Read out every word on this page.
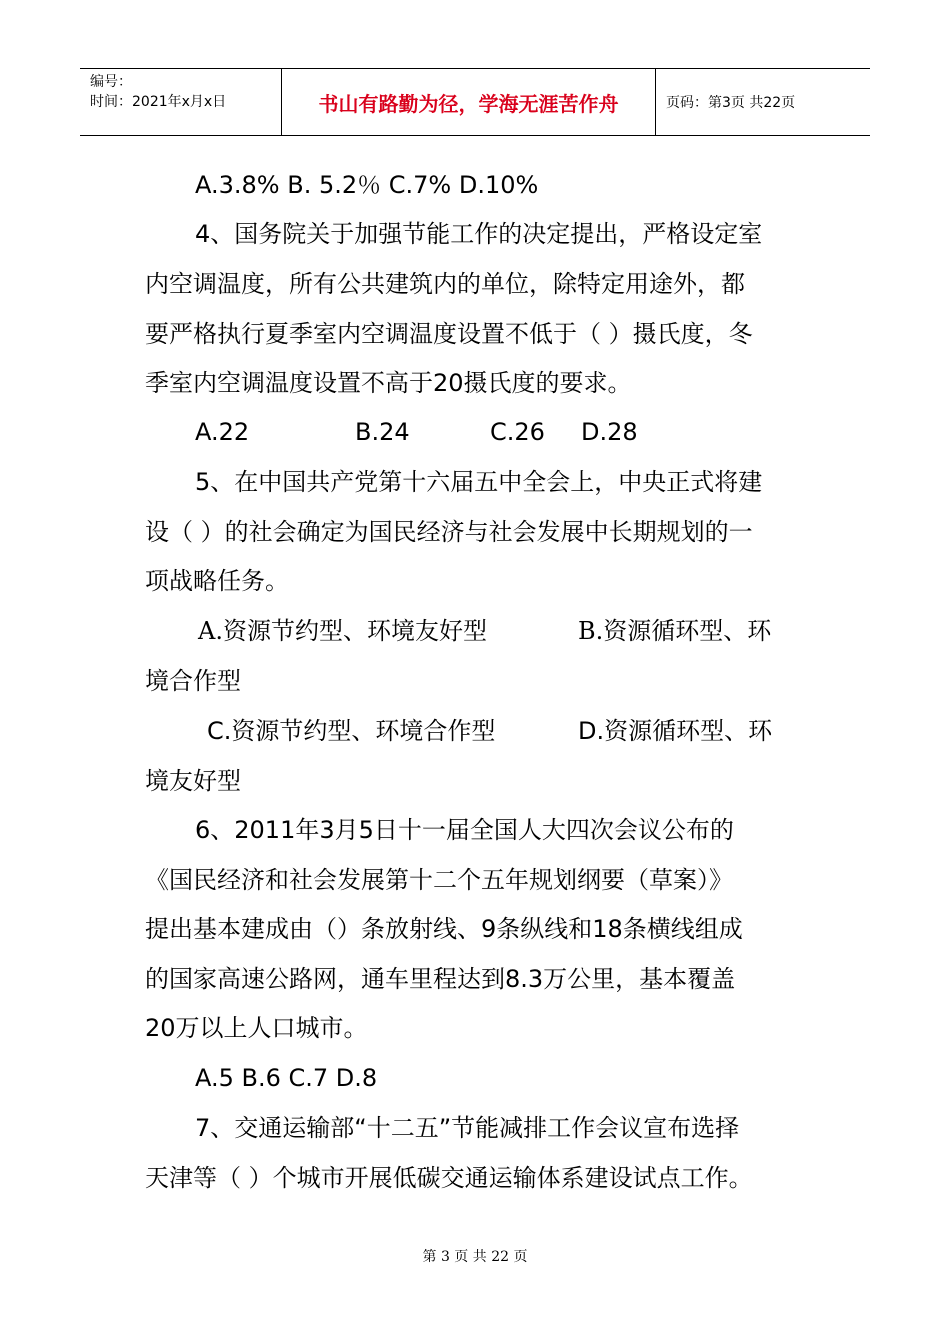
编号：
时间：2021年x月x日	书山有路勤为径，学海无涯苦作舟	页码：第3页 共22页
A.3.8% B. 5.2％ C.7% D.10%
4、国务院关于加强节能工作的决定提出，严格设定室
内空调温度，所有公共建筑内的单位，除特定用途外，都
要严格执行夏季室内空调温度设置不低于（ ）摄氏度，冬
季室内空调温度设置不高于20摄氏度的要求。
A.22	B.24	C.26 D.28
5、在中国共产党第十六届五中全会上，中央正式将建
设（ ）的社会确定为国民经济与社会发展中长期规划的一
项战略任务。
A.资源节约型、环境友好型	B.资源循环型、环
境合作型
C.资源节约型、环境合作型	D.资源循环型、环
境友好型
6、2011年3月5日十一届全国人大四次会议公布的
《国民经济和社会发展第十二个五年规划纲要（草案）》
提出基本建成由（）条放射线、9条纵线和18条横线组成
的国家高速公路网，通车里程达到8.3万公里，基本覆盖
20万以上人口城市。
A.5 B.6 C.7 D.8
7、交通运输部“十二五”节能减排工作会议宣布选择
天津等（ ）个城市开展低碳交通运输体系建设试点工作。
第 3 页 共 22 页
